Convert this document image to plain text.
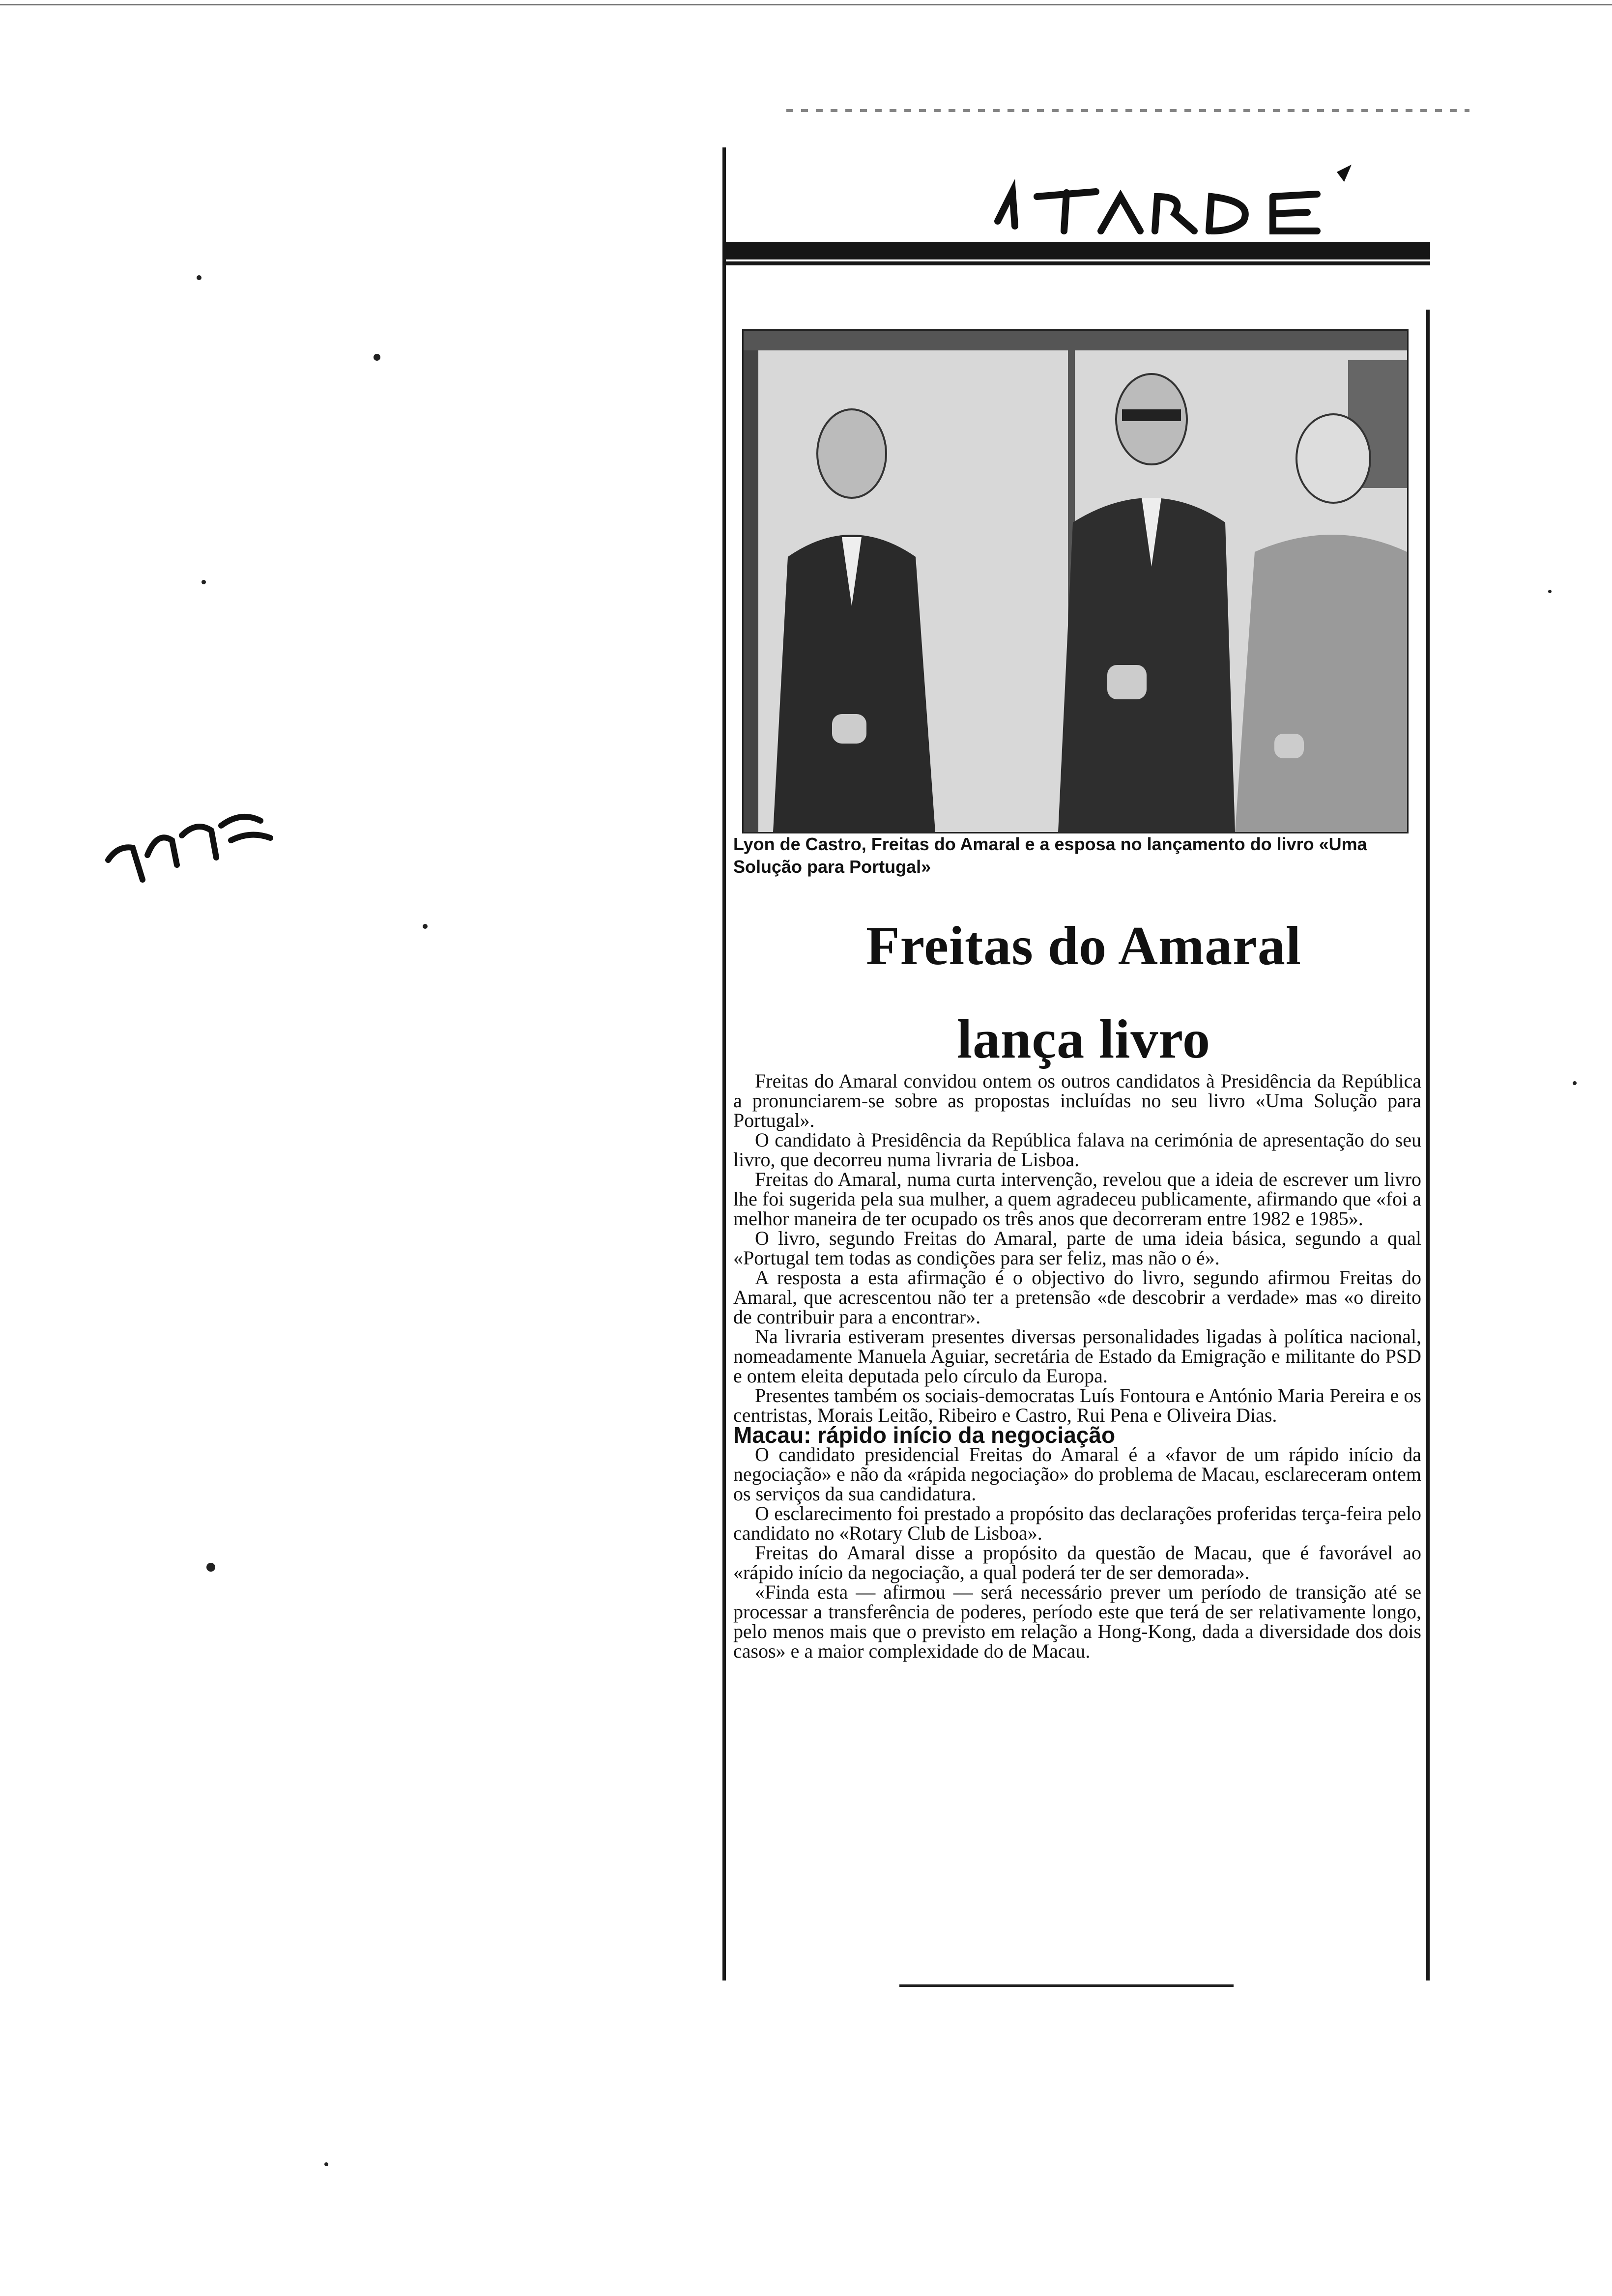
Lyon de Castro, Freitas do Amaral e a esposa no lançamento do livro «Uma Solução para Portugal»
Freitas do Amaral
lança livro

Freitas do Amaral convidou ontem os outros candidatos à Presidência da República a pronunciarem-se sobre as propostas incluídas no seu livro «Uma Solução para Portugal».

O candidato à Presidência da República falava na cerimónia de apresentação do seu livro, que decorreu numa livraria de Lisboa.

Freitas do Amaral, numa curta intervenção, revelou que a ideia de escrever um livro lhe foi sugerida pela sua mulher, a quem agradeceu publicamente, afirmando que «foi a melhor maneira de ter ocupado os três anos que decorreram entre 1982 e 1985».

O livro, segundo Freitas do Amaral, parte de uma ideia básica, segundo a qual «Portugal tem todas as condições para ser feliz, mas não o é».

A resposta a esta afirmação é o objectivo do livro, segundo afirmou Freitas do Amaral, que acrescentou não ter a pretensão «de descobrir a verdade» mas «o direito de contribuir para a encontrar».

Na livraria estiveram presentes diversas personalidades ligadas à política nacional, nomeadamente Manuela Aguiar, secretária de Estado da Emigração e militante do PSD e ontem eleita deputada pelo círculo da Europa.

Presentes também os sociais-democratas Luís Fontoura e António Maria Pereira e os centristas, Morais Leitão, Ribeiro e Castro, Rui Pena e Oliveira Dias.

Macau: rápido início da negociação

O candidato presidencial Freitas do Amaral é a «favor de um rápido início da negociação» e não da «rápida negociação» do problema de Macau, esclareceram ontem os serviços da sua candidatura.

O esclarecimento foi prestado a propósito das declarações proferidas terça-feira pelo candidato no «Rotary Club de Lisboa».

Freitas do Amaral disse a propósito da questão de Macau, que é favorável ao «rápido início da negociação, a qual poderá ter de ser demorada».

«Finda esta — afirmou — será necessário prever um período de transição até se processar a transferência de poderes, período este que terá de ser relativamente longo, pelo menos mais que o previsto em relação a Hong-Kong, dada a diversidade dos dois casos» e a maior complexidade do de Macau.
